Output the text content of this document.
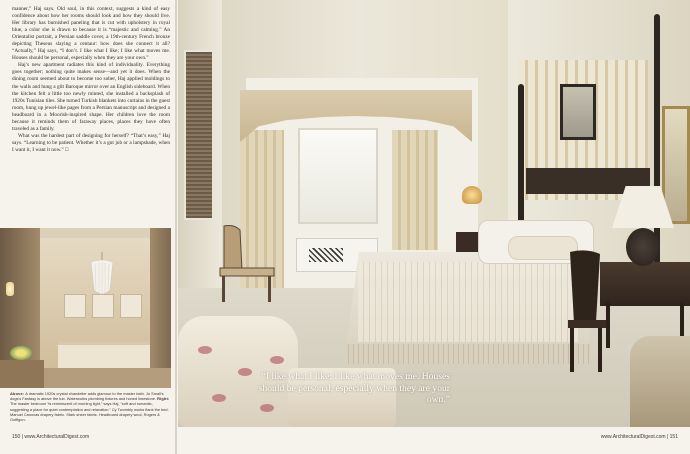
manner,” Haj says. Old soul, in this context, suggests a kind of easy confidence about how her rooms should look and how they should live. Her library has burnished paneling that is cut with upholstery in royal blue, a color she is drawn to because it is “majestic and calming.” An Orientalist portrait, a Persian saddle cover, a 19th-century French bronze depicting Theseus slaying a centaur: how does she connect it all? “Actually,” Haj says, “I don’t. I like what I like; I like what moves me. Houses should be personal, especially when they are your own.”

Haj’s new apartment radiates this kind of individuality. Everything goes together; nothing quite makes sense—and yet it does. When the dining room seemed about to become too sober, Haj applied moldings to the walls and hung a gilt Baroque mirror over an English sideboard. When the kitchen felt a little too newly minted, she installed a backsplash of 1920s Tunisian tiles. She turned Turkish blankets into curtains in the guest room, hung up jewel-like pages from a Persian manuscript and designed a headboard in a Moorish-inspired shape. Her children love the room because it reminds them of faraway places, places they have often traveled as a family.

What was the hardest part of designing for herself? “That’s easy,” Haj says. “Learning to be patient. Whether it’s a gut job or a lampshade, when I want it, I want it now.” □

Above: A dramatic 1920s crystal chandelier adds glamour to the master bath. Jo Small’s dogs’s Fantasy is above the tub. Waterworks plumbing fixtures and honed limestone. Right: The master bedroom “is reminiscent of morning light,” says Haj, “soft and romantic, suggesting a place for quiet contemplation and relaxation.” Cy Twombly works flank the bed. Manuel Canovas drapery fabric. Stark sheer fabric. Headboard drapery wool, Rogers & Goffigon.
“I like what I like; I like what moves me. Houses should be personal, especially when they are your own.”
150 | www.ArchitecturalDigest.com	www.ArchitecturalDigest.com | 151
